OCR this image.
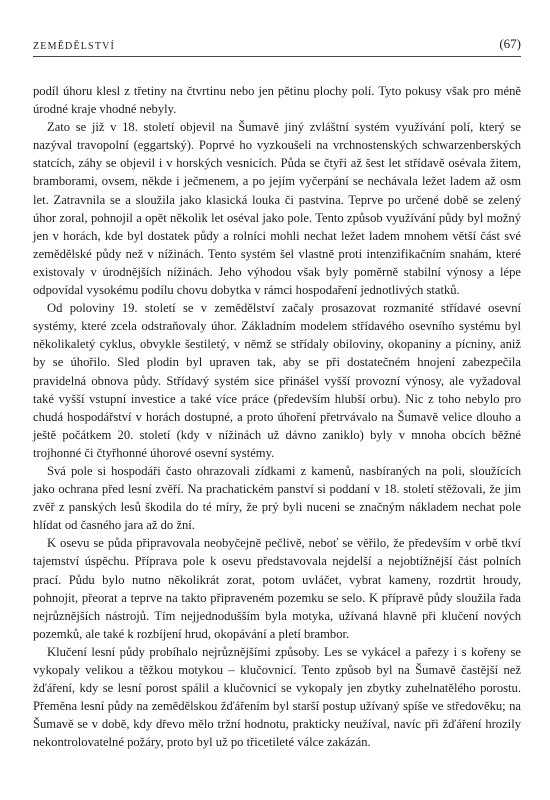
ZEMĚDĚLSTVÍ	(67)

podíl úhoru klesl z třetiny na čtvrtinu nebo jen pětinu plochy polí. Tyto pokusy však pro méně úrodné kraje vhodné nebyly.

Zato se již v 18. století objevil na Šumavě jiný zvláštní systém využívání polí, který se nazýval travopolní (eggartský). Poprvé ho vyzkoušeli na vrchnostenských schwarzenberských statcích, záhy se objevil i v horských vesnicích. Půda se čtyři až šest let střídavě osévala žitem, bramborami, ovsem, někde i ječmenem, a po jejím vyčerpání se nechávala ležet ladem až osm let. Zatravnila se a sloužila jako klasická louka či pastvina. Teprve po určené době se zelený úhor zoral, pohnojil a opět několik let oséval jako pole. Tento způsob využívání půdy byl možný jen v horách, kde byl dostatek půdy a rolníci mohli nechat ležet ladem mnohem větší část své zemědělské půdy než v nížinách. Tento systém šel vlastně proti intenzifikačním snahám, které existovaly v úrodnějších nížinách. Jeho výhodou však byly poměrně stabilní výnosy a lépe odpovídal vysokému podílu chovu dobytka v rámci hospodaření jednotlivých statků.

Od poloviny 19. století se v zemědělství začaly prosazovat rozmanité střídavé osevní systémy, které zcela odstraňovaly úhor. Základním modelem střídavého osevního systému byl několikaletý cyklus, obvykle šestiletý, v němž se střídaly obiloviny, okopaniny a pícniny, aniž by se úhořilo. Sled plodin byl upraven tak, aby se při dostatečném hnojení zabezpečila pravidelná obnova půdy. Střídavý systém sice přinášel vyšší provozní výnosy, ale vyžadoval také vyšší vstupní investice a také více práce (především hlubší orbu). Nic z toho nebylo pro chudá hospodářství v horách dostupné, a proto úhoření přetrvávalo na Šumavě velice dlouho a ještě počátkem 20. století (kdy v nížinách už dávno zaniklo) byly v mnoha obcích běžné trojhonné či čtyřhonné úhorové osevní systémy.

Svá pole si hospodáři často ohrazovali zídkami z kamenů, nasbíraných na poli, sloužících jako ochrana před lesní zvěří. Na prachatickém panství si poddaní v 18. století stěžovali, že jim zvěř z panských lesů škodila do té míry, že prý byli nuceni se značným nákladem nechat pole hlídat od časného jara až do žní.

K osevu se půda připravovala neobyčejně pečlivě, neboť se věřilo, že především v orbě tkví tajemství úspěchu. Příprava pole k osevu představovala nejdelší a nejobtížnější část polních prací. Půdu bylo nutno několikrát zorat, potom uvláčet, vybrat kameny, rozdrtit hroudy, pohnojit, přeorat a teprve na takto připraveném pozemku se selo. K přípravě půdy sloužila řada nejrůznějších nástrojů. Tím nejjednodušším byla motyka, užívaná hlavně při klučení nových pozemků, ale také k rozbíjení hrud, okopávání a pletí brambor.

Klučení lesní půdy probíhalo nejrůznějšími způsoby. Les se vykácel a pařezy i s kořeny se vykopaly velikou a těžkou motykou – klučovnicí. Tento způsob byl na Šumavě častější než žďáření, kdy se lesní porost spálil a klučovnicí se vykopaly jen zbytky zuhelnatělého porostu. Přeměna lesní půdy na zemědělskou žďářením byl starší postup užívaný spíše ve středověku; na Šumavě se v době, kdy dřevo mělo tržní hodnotu, prakticky neužíval, navíc při žďáření hrozily nekontrolovatelné požáry, proto byl už po třicetileté válce zakázán.
